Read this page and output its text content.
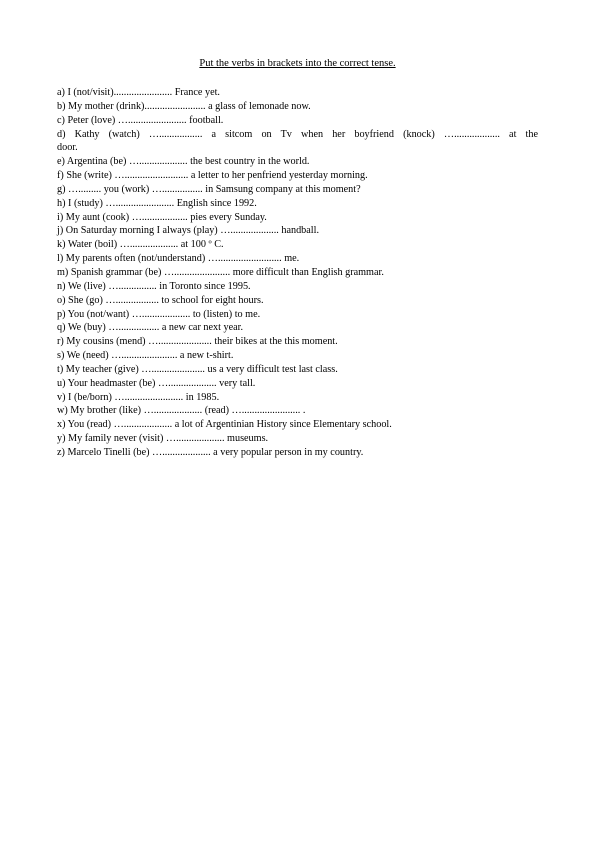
Put the verbs in brackets into the correct tense.
a) I (not/visit)....................... France yet.
b) My mother (drink)........................ a glass of lemonade now.
c) Peter (love) …....................... football.
d) Kathy (watch) …................. a sitcom on Tv when her boyfriend (knock) ….................. at the
door.
e) Argentina (be) …................... the best country in the world.
f) She (write) …......................... a letter to her penfriend yesterday morning.
g) …......... you (work) …................ in Samsung company at this moment?
h) I (study) …....................... English since 1992.
i) My aunt (cook) ….................. pies every Sunday.
j) On Saturday morning I always (play) …................... handball.
k) Water (boil) …................... at 100 º C.
l) My parents often (not/understand) …......................... me.
m) Spanish grammar (be) …...................... more difficult than English grammar.
n) We (live) …............... in Toronto since 1995.
o) She (go) …................. to school for eight hours.
p) You (not/want) …................... to (listen) to me.
q) We (buy) …................ a new car next year.
r) My cousins (mend) …..................... their bikes at the this moment.
s) We (need) …...................... a new t-shirt.
t) My teacher (give) …..................... us a very difficult test last class.
u) Your headmaster (be) …................... very tall.
v) I (be/born) …....................... in 1985.
w) My brother (like) …................... (read) …....................... .
x) You (read) …................... a lot of Argentinian History since Elementary school.
y) My family never (visit) …................... museums.
z) Marcelo Tinelli (be) …................... a very popular person in my country.
